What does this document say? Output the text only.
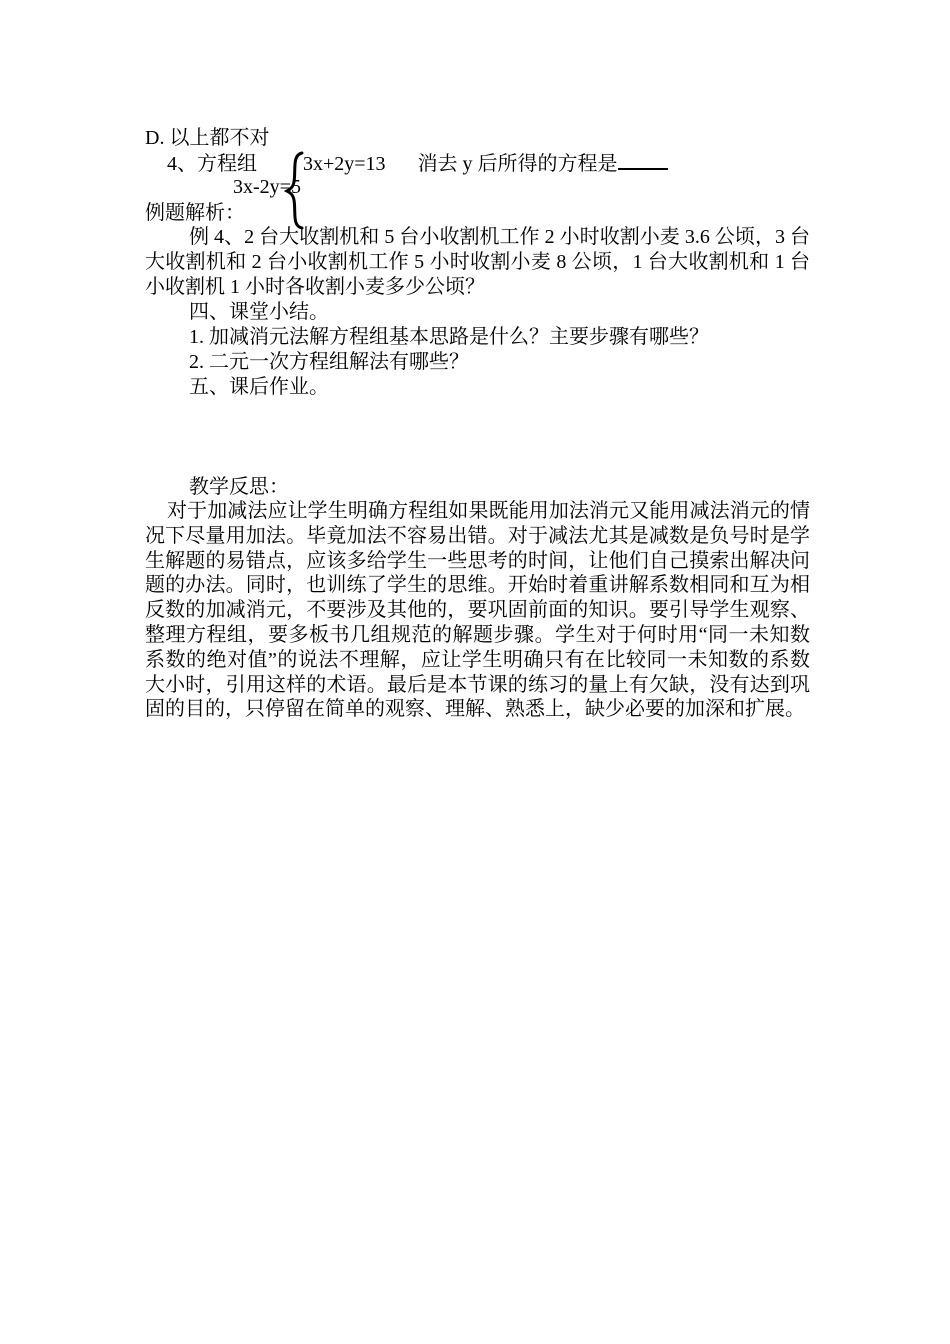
D. 以上都不对
4、方程组 3x+2y=13 消去 y 后所得的方程是
3x-2y=5
例题解析：
例 4、2 台大收割机和 5 台小收割机工作 2 小时收割小麦 3.6 公顷，3 台大收割机和 2 台小收割机工作 5 小时收割小麦 8 公顷，1 台大收割机和 1 台小收割机 1 小时各收割小麦多少公顷？
四、课堂小结。
1. 加减消元法解方程组基本思路是什么？主要步骤有哪些？
2. 二元一次方程组解法有哪些？
五、课后作业。
教学反思：
对于加减法应让学生明确方程组如果既能用加法消元又能用减法消元的情况下尽量用加法。毕竟加法不容易出错。对于减法尤其是减数是负号时是学生解题的易错点，应该多给学生一些思考的时间，让他们自己摸索出解决问题的办法。同时，也训练了学生的思维。开始时着重讲解系数相同和互为相反数的加减消元，不要涉及其他的，要巩固前面的知识。要引导学生观察、整理方程组，要多板书几组规范的解题步骤。学生对于何时用“同一未知数系数的绝对值”的说法不理解，应让学生明确只有在比较同一未知数的系数大小时，引用这样的术语。最后是本节课的练习的量上有欠缺，没有达到巩固的目的，只停留在简单的观察、理解、熟悉上，缺少必要的加深和扩展。
